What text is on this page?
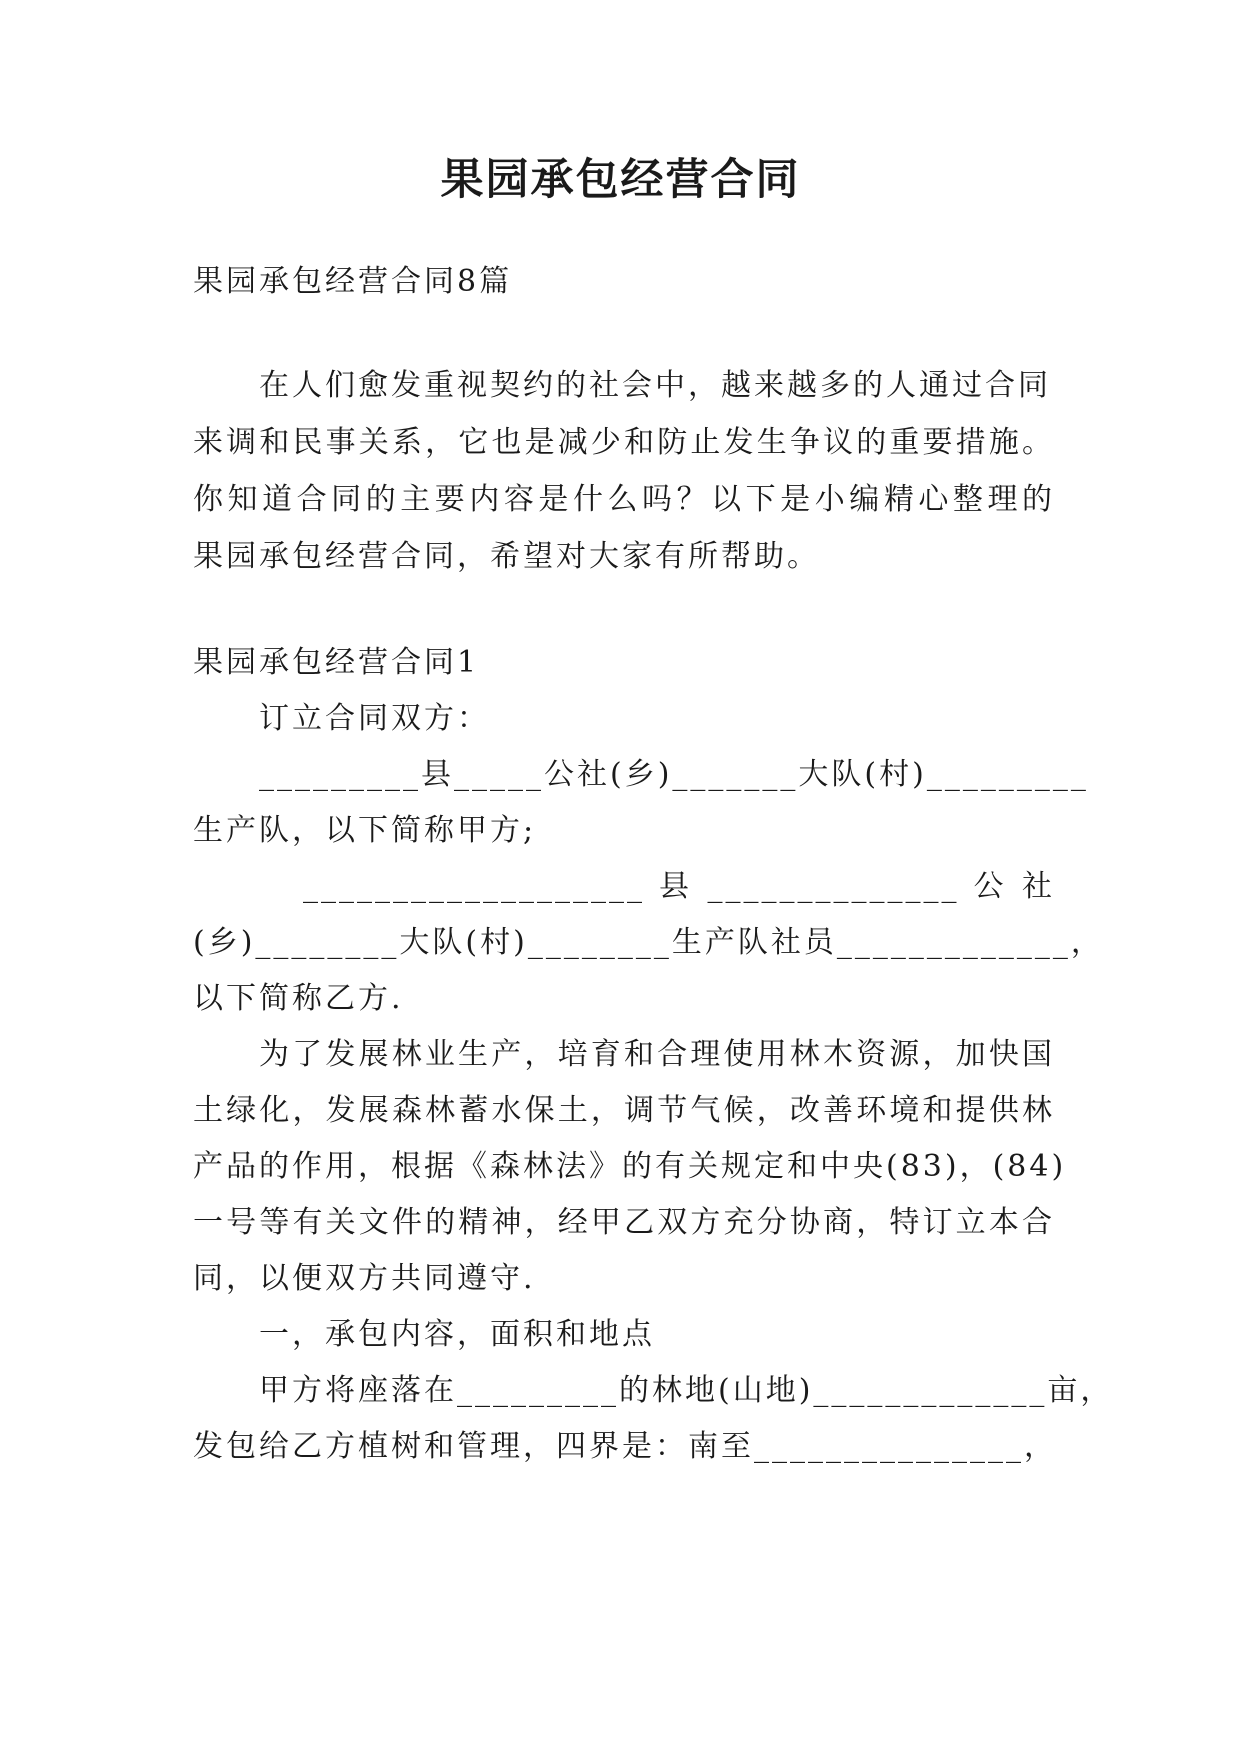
果园承包经营合同
果园承包经营合同8篇
在人们愈发重视契约的社会中，越来越多的人通过合同
来调和民事关系，它也是减少和防止发生争议的重要措施。
你知道合同的主要内容是什么吗？以下是小编精心整理的
果园承包经营合同，希望对大家有所帮助。
果园承包经营合同1
订立合同双方：
_________县_____公社(乡)_______大队(村)_________
生产队，以下简称甲方;
___________________ 县 ______________ 公 社
(乡)________大队(村)________生产队社员_____________，
以下简称乙方.
为了发展林业生产，培育和合理使用林木资源，加快国
土绿化，发展森林蓄水保土，调节气候，改善环境和提供林
产品的作用，根据《森林法》的有关规定和中央(83)，(84)
一号等有关文件的精神，经甲乙双方充分协商，特订立本合
同，以便双方共同遵守.
一，承包内容，面积和地点
甲方将座落在_________的林地(山地)_____________亩，
发包给乙方植树和管理，四界是：南至_______________，
